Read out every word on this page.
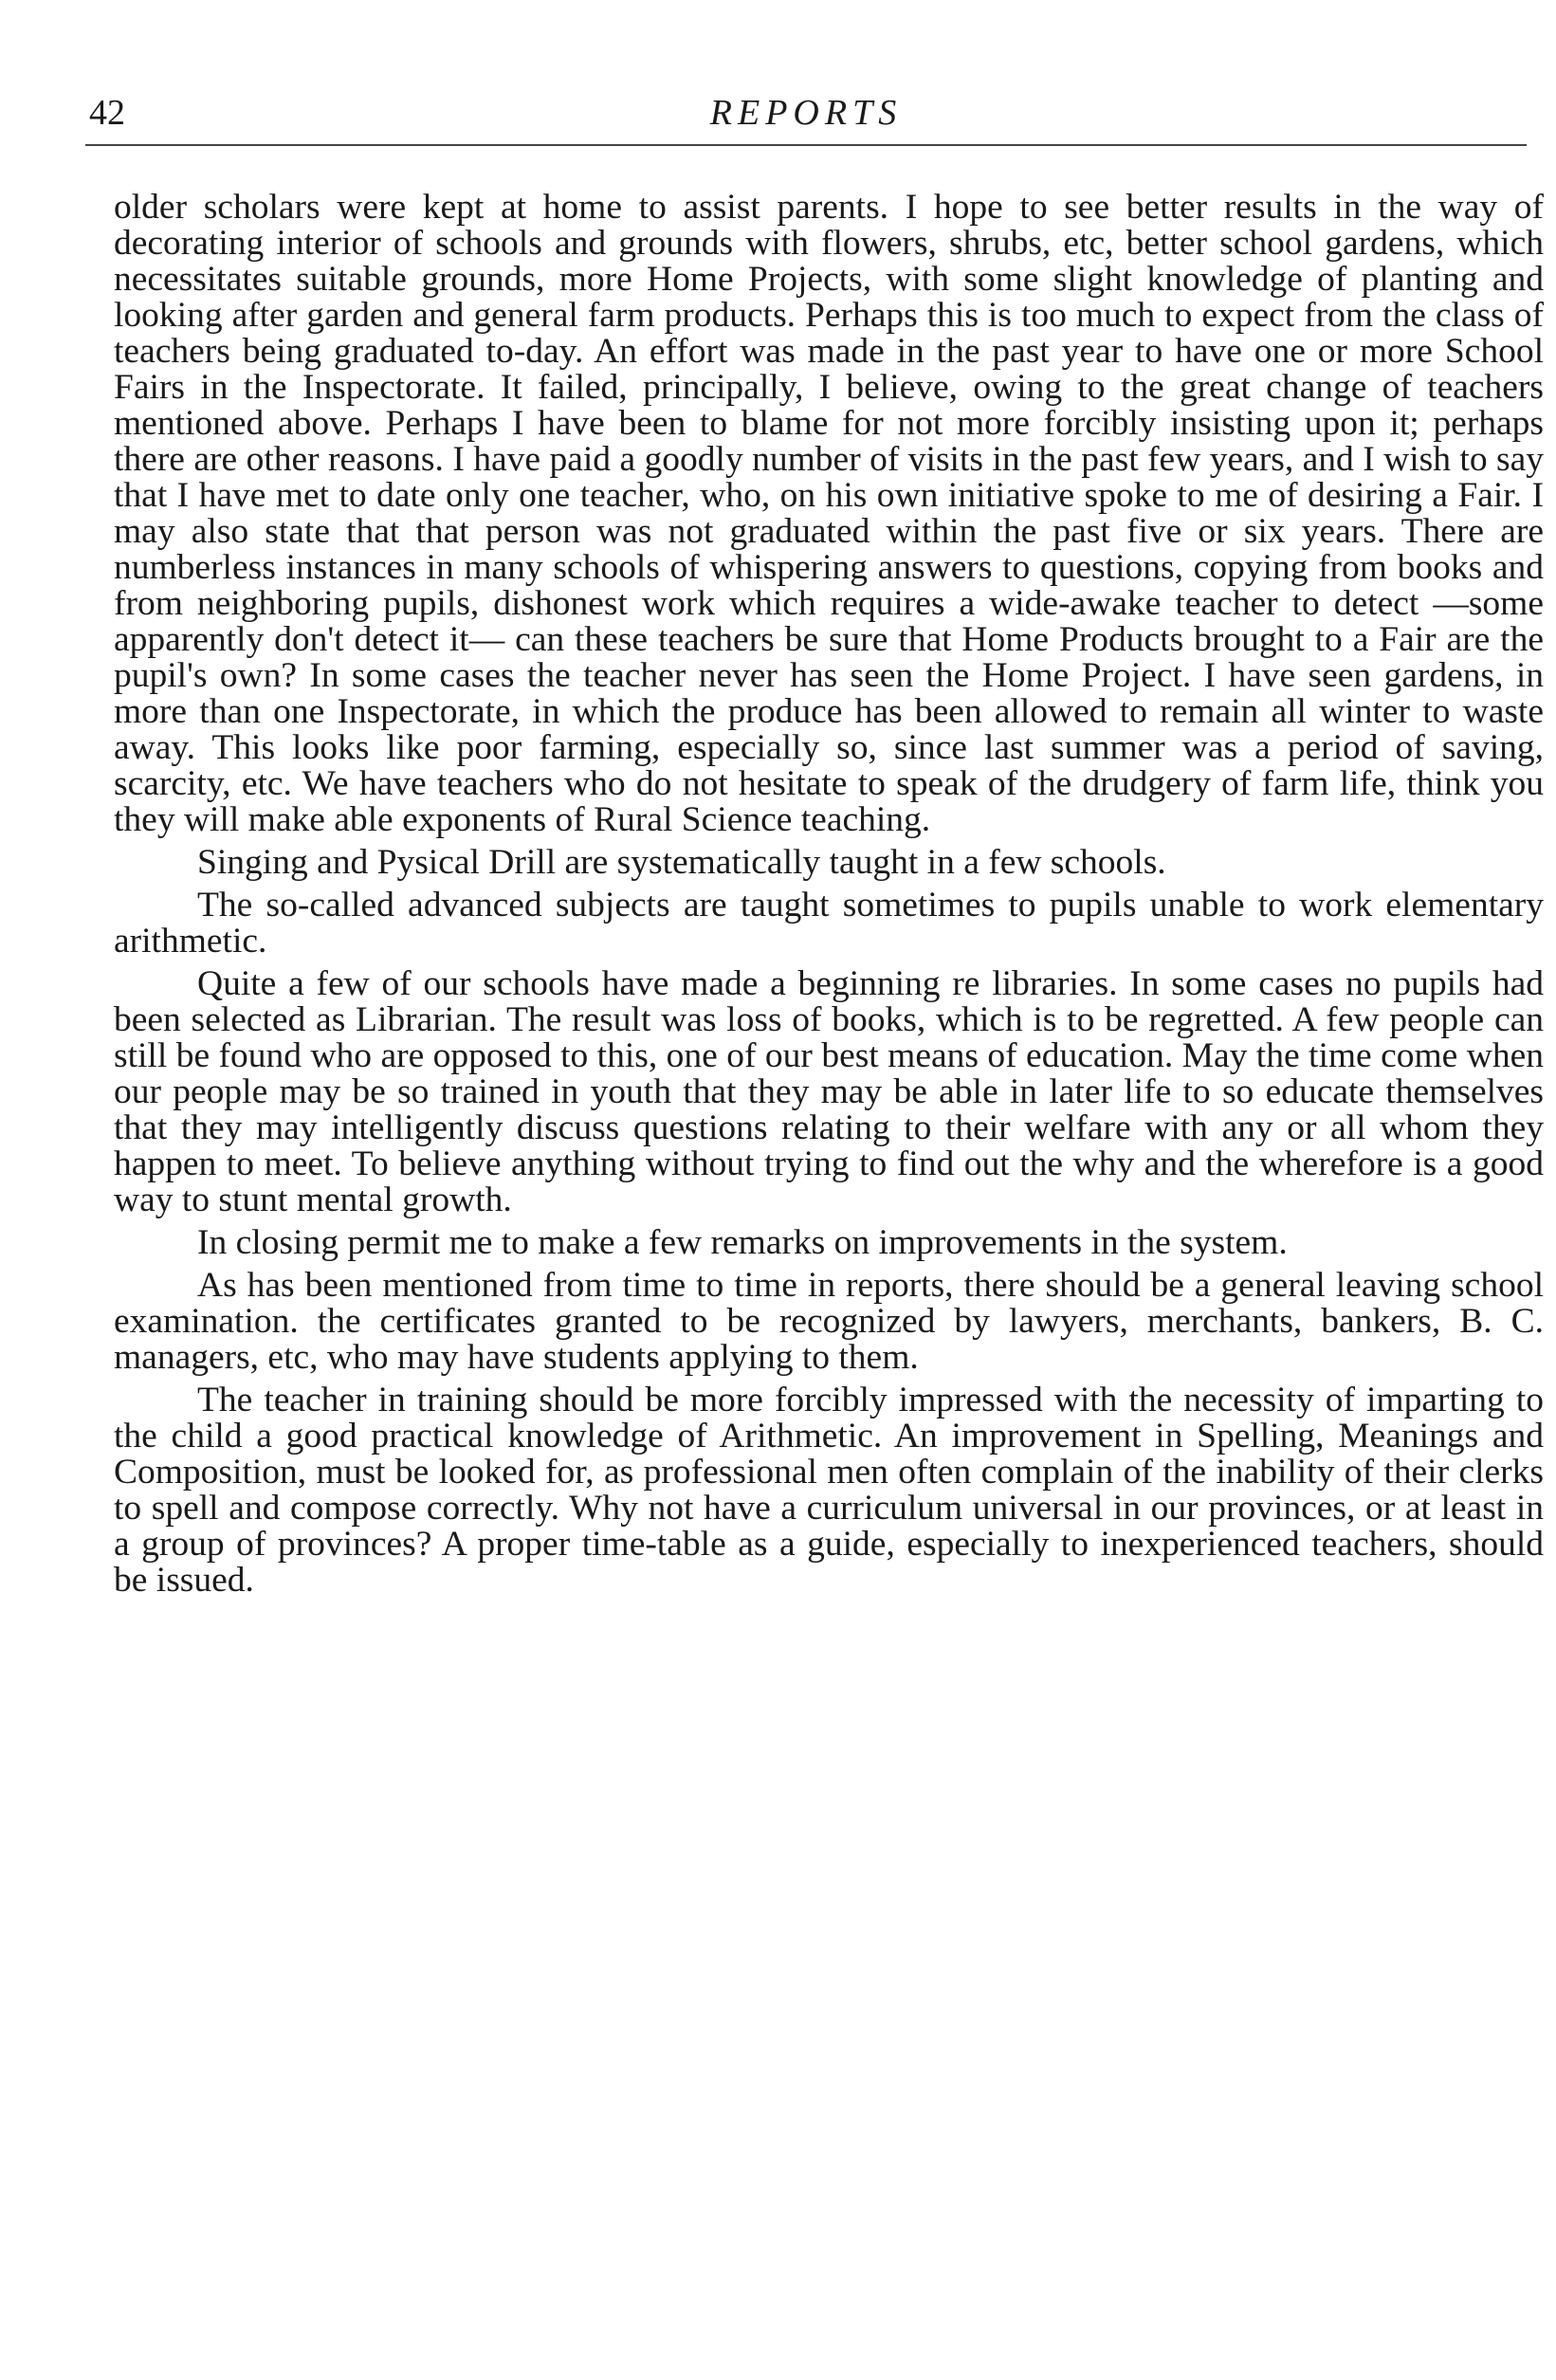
42	REPORTS

older scholars were kept at home to assist parents. I hope to see better results in the way of decorating interior of schools and grounds with flowers, shrubs, etc, better school gardens, which necessitates suitable grounds, more Home Projects, with some slight knowledge of planting and looking after garden and general farm products. Perhaps this is too much to expect from the class of teachers being graduated to-day. An effort was made in the past year to have one or more School Fairs in the Inspectorate. It failed, principally, I believe, owing to the great change of teachers mentioned above. Perhaps I have been to blame for not more forcibly insisting upon it; perhaps there are other reasons. I have paid a goodly number of visits in the past few years, and I wish to say that I have met to date only one teacher, who, on his own initiative spoke to me of desiring a Fair. I may also state that that person was not graduated within the past five or six years. There are numberless instances in many schools of whispering answers to questions, copying from books and from neighboring pupils, dishonest work which requires a wide-awake teacher to detect —some apparently don't detect it— can these teachers be sure that Home Products brought to a Fair are the pupil's own? In some cases the teacher never has seen the Home Project. I have seen gardens, in more than one Inspectorate, in which the produce has been allowed to remain all winter to waste away. This looks like poor farming, especially so, since last summer was a period of saving, scarcity, etc. We have teachers who do not hesitate to speak of the drudgery of farm life, think you they will make able exponents of Rural Science teaching.

Singing and Pysical Drill are systematically taught in a few schools.

The so-called advanced subjects are taught sometimes to pupils unable to work elementary arithmetic.

Quite a few of our schools have made a beginning re libraries. In some cases no pupils had been selected as Librarian. The result was loss of books, which is to be regretted. A few people can still be found who are opposed to this, one of our best means of education. May the time come when our people may be so trained in youth that they may be able in later life to so educate themselves that they may intelligently discuss questions relating to their welfare with any or all whom they happen to meet. To believe anything without trying to find out the why and the wherefore is a good way to stunt mental growth.

In closing permit me to make a few remarks on improvements in the system.

As has been mentioned from time to time in reports, there should be a general leaving school examination. the certificates granted to be recognized by lawyers, merchants, bankers, B. C. managers, etc, who may have students applying to them.

The teacher in training should be more forcibly impressed with the necessity of imparting to the child a good practical knowledge of Arithmetic. An improvement in Spelling, Meanings and Composition, must be looked for, as professional men often complain of the inability of their clerks to spell and compose correctly. Why not have a curriculum universal in our provinces, or at least in a group of provinces? A proper time-table as a guide, especially to inexperienced teachers, should be issued.
